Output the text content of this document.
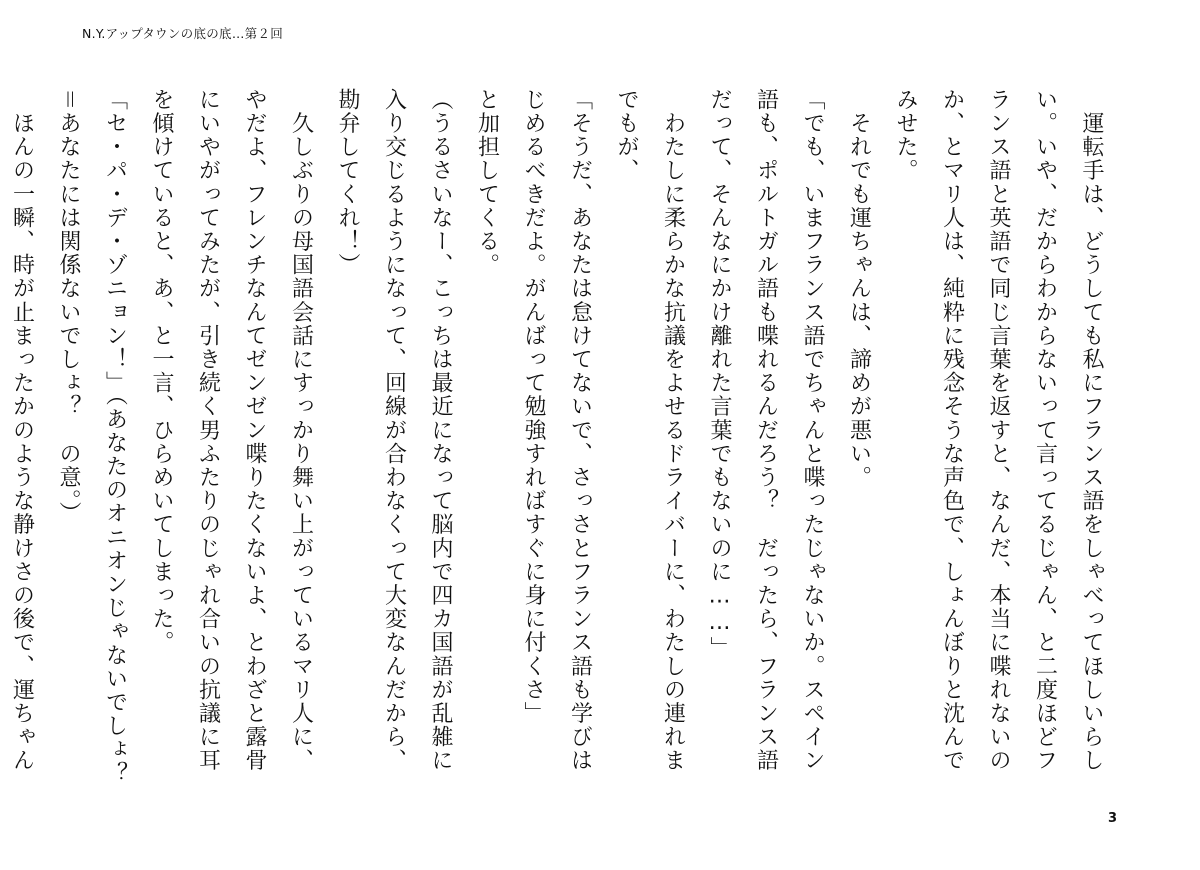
N.Y.アップタウンの底の底…第２回

　運転手は、どうしても私にフランス語をしゃべってほしいらし

い。いや、だからわからないって言ってるじゃん、と二度ほどフ

ランス語と英語で同じ言葉を返すと、なんだ、本当に喋れないの

か、とマリ人は、純粋に残念そうな声色で、しょんぼりと沈んで

みせた。

　それでも運ちゃんは、諦めが悪い。

「でも、いまフランス語でちゃんと喋ったじゃないか。スペイン

語も、ポルトガル語も喋れるんだろう？　だったら、フランス語

だって、そんなにかけ離れた言葉でもないのに……」

　わたしに柔らかな抗議をよせるドライバーに、わたしの連れま

でもが、

「そうだ、あなたは怠けてないで、さっさとフランス語も学びは

じめるべきだよ。がんばって勉強すればすぐに身に付くさ」

と加担してくる。

（うるさいなー、こっちは最近になって脳内で四カ国語が乱雑に

入り交じるようになって、回線が合わなくって大変なんだから、

勘弁してくれ！）

　久しぶりの母国語会話にすっかり舞い上がっているマリ人に、

やだよ、フレンチなんてゼンゼン喋りたくないよ、とわざと露骨

にいやがってみたが、引き続く男ふたりのじゃれ合いの抗議に耳

を傾けていると、あ、と一言、ひらめいてしまった。

「セ・パ・デ・ゾニョン！」（あなたのオニオンじゃないでしょ？

＝あなたには関係ないでしょ？　の意。）

　ほんの一瞬、時が止まったかのような静けさの後で、運ちゃん

3
